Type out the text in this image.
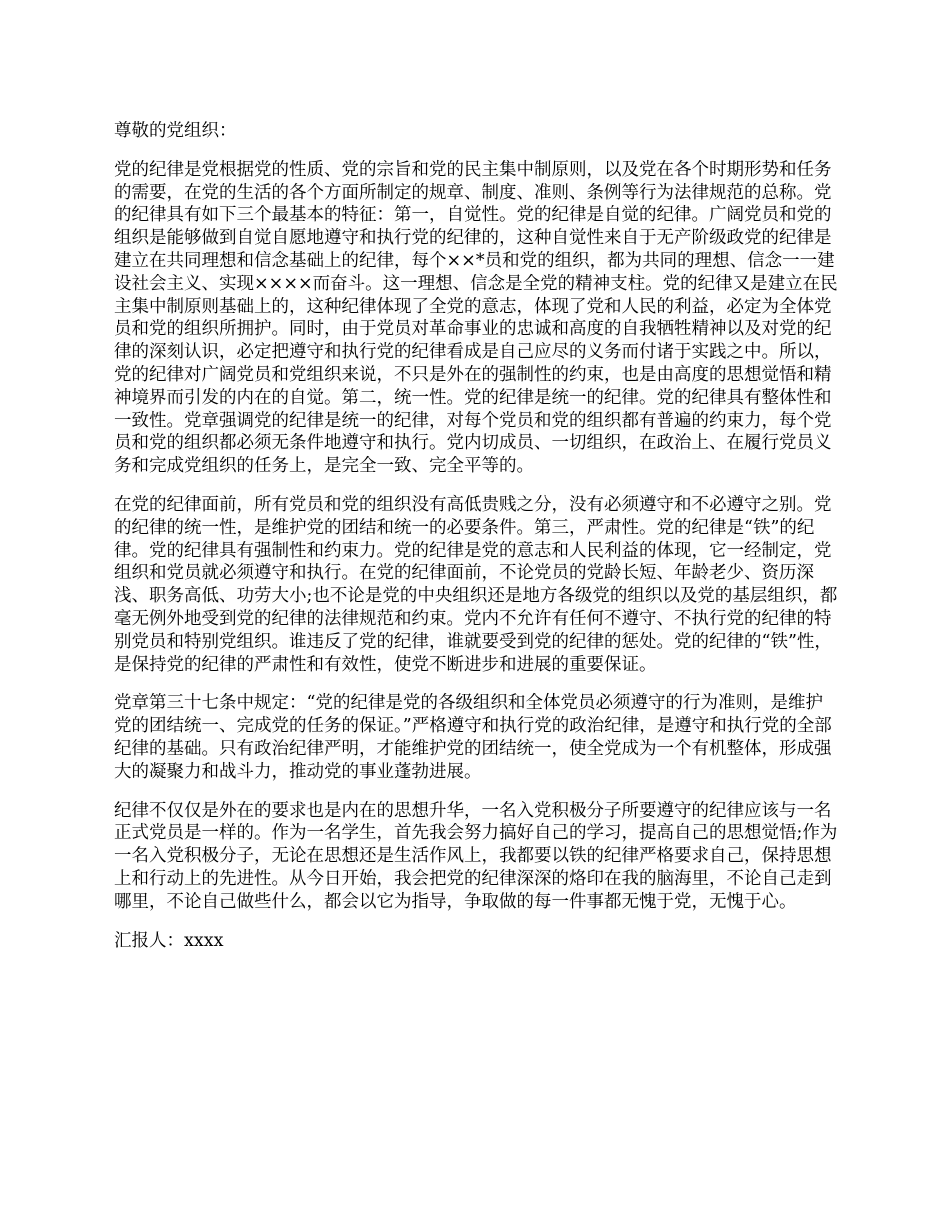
尊敬的党组织：

党的纪律是党根据党的性质、党的宗旨和党的民主集中制原则，以及党在各个时期形势和任务的需要，在党的生活的各个方面所制定的规章、制度、准则、条例等行为法律规范的总称。党的纪律具有如下三个最基本的特征：第一，自觉性。党的纪律是自觉的纪律。广阔党员和党的组织是能够做到自觉自愿地遵守和执行党的纪律的，这种自觉性来自于无产阶级政党的纪律是建立在共同理想和信念基础上的纪律，每个××*员和党的组织，都为共同的理想、信念一一建设社会主义、实现××××而奋斗。这一理想、信念是全党的精神支柱。党的纪律又是建立在民主集中制原则基础上的，这种纪律体现了全党的意志，体现了党和人民的利益，必定为全体党员和党的组织所拥护。同时，由于党员对革命事业的忠诚和高度的自我牺牲精神以及对党的纪律的深刻认识，必定把遵守和执行党的纪律看成是自己应尽的义务而付诸于实践之中。所以，党的纪律对广阔党员和党组织来说，不只是外在的强制性的约束，也是由高度的思想觉悟和精神境界而引发的内在的自觉。第二，统一性。党的纪律是统一的纪律。党的纪律具有整体性和一致性。党章强调党的纪律是统一的纪律，对每个党员和党的组织都有普遍的约束力，每个党员和党的组织都必须无条件地遵守和执行。党内切成员、一切组织，在政治上、在履行党员义务和完成党组织的任务上，是完全一致、完全平等的。

在党的纪律面前，所有党员和党的组织没有高低贵贱之分，没有必须遵守和不必遵守之别。党的纪律的统一性，是维护党的团结和统一的必要条件。第三，严肃性。党的纪律是“铁”的纪律。党的纪律具有强制性和约束力。党的纪律是党的意志和人民利益的体现，它一经制定，党组织和党员就必须遵守和执行。在党的纪律面前，不论党员的党龄长短、年龄老少、资历深浅、职务高低、功劳大小;也不论是党的中央组织还是地方各级党的组织以及党的基层组织，都毫无例外地受到党的纪律的法律规范和约束。党内不允许有任何不遵守、不执行党的纪律的特别党员和特别党组织。谁违反了党的纪律，谁就要受到党的纪律的惩处。党的纪律的“铁”性，是保持党的纪律的严肃性和有效性，使党不断进步和进展的重要保证。

党章第三十七条中规定：“党的纪律是党的各级组织和全体党员必须遵守的行为准则，是维护党的团结统一、完成党的任务的保证。”严格遵守和执行党的政治纪律，是遵守和执行党的全部纪律的基础。只有政治纪律严明，才能维护党的团结统一，使全党成为一个有机整体，形成强大的凝聚力和战斗力，推动党的事业蓬勃进展。

纪律不仅仅是外在的要求也是内在的思想升华，一名入党积极分子所要遵守的纪律应该与一名正式党员是一样的。作为一名学生，首先我会努力搞好自己的学习，提高自己的思想觉悟;作为一名入党积极分子，无论在思想还是生活作风上，我都要以铁的纪律严格要求自己，保持思想上和行动上的先进性。从今日开始，我会把党的纪律深深的烙印在我的脑海里，不论自己走到哪里，不论自己做些什么，都会以它为指导，争取做的每一件事都无愧于党，无愧于心。

汇报人：xxxx
